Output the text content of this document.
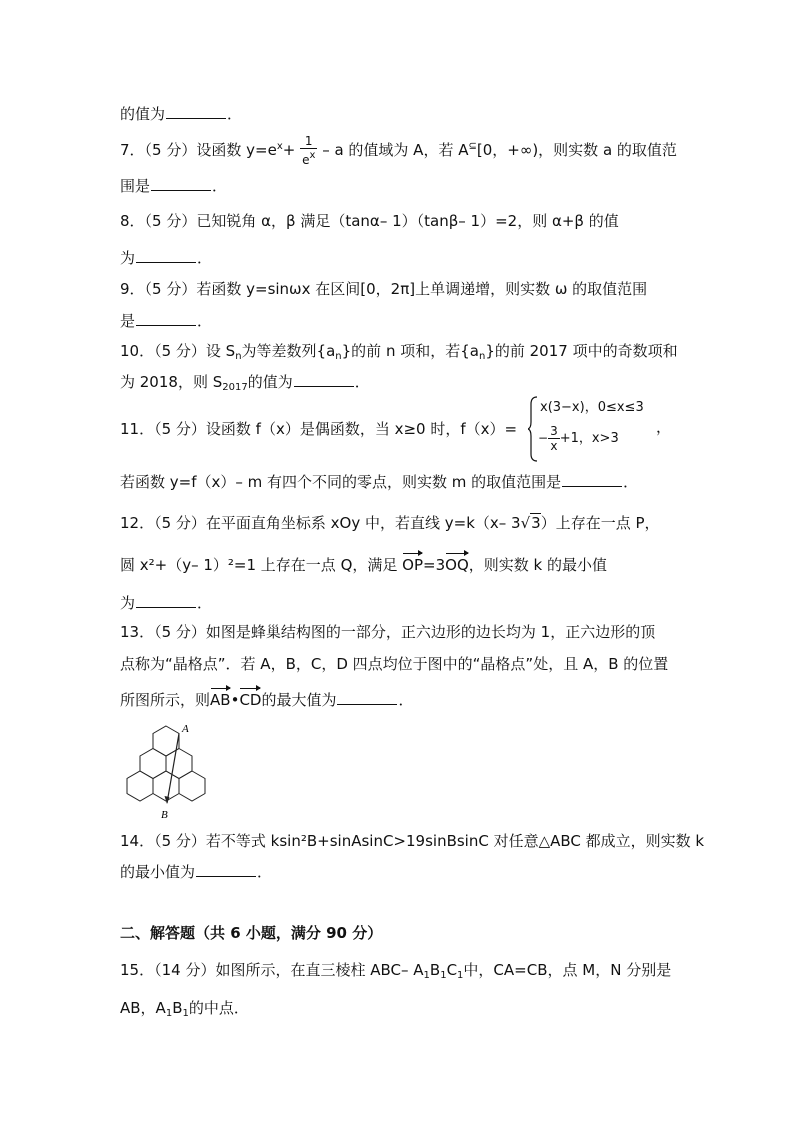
的值为	．
7．（5 分）设函数 $y=e^x+ \frac{1}{e^x} - a$ 的值域为 A，若 A⊆[0，+∞)，则实数 a 的取值范
围是	．
8．（5 分）已知锐角 α，β 满足（tanα– 1）（tanβ– 1）=2，则 α+β 的值
为	．
9．（5 分）若函数 y=sinωx 在区间[0，2π]上单调递增，则实数 ω 的取值范围
是	．
10．（5 分）设 $S_n$为等差数列$\{a_n\}$的前 n 项和，若$\{a_n\}$的前 2017 项中的奇数项和
为 2018，则 $S_{2017}$的值为	．
11．（5 分）设函数 f（x）是偶函数，当 x≥0 时，f（x）=
x(3−x)，0≤x≤3
− $\frac{3}{x} +1$，x>3
，
若函数 y=f（x）– m 有四个不同的零点，则实数 m 的取值范围是	．
12．（5 分）在平面直角坐标系 xOy 中，若直线 y=k（x– 3√3）上存在一点 P，
圆 x²+（y– 1）²=1 上存在一点 Q，满足 OP=3OQ，则实数 k 的最小值
为	．
13．（5 分）如图是蜂巢结构图的一部分，正六边形的边长均为 1，正六边形的顶
点称为“晶格点”．若 A，B，C，D 四点均位于图中的“晶格点”处，且 A，B 的位置
所图所示，则AB•CD的最大值为	．
A
B
14．（5 分）若不等式 ksin²B+sinAsinC>19sinBsinC 对任意△ABC 都成立，则实数 k
的最小值为	．
二、解答题（共 6 小题，满分 90 分）
15．（14 分）如图所示，在直三棱柱 ABC– $A_1B_1C_1$中，CA=CB，点 M，N 分别是
AB，$A_1B_1$的中点．
